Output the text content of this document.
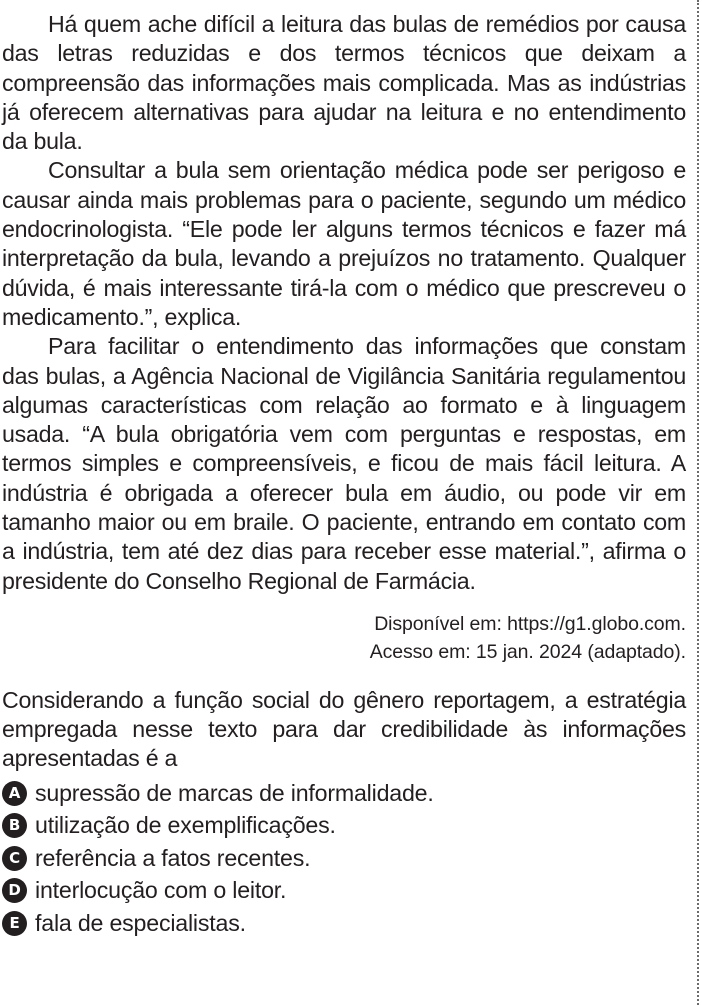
Há quem ache difícil a leitura das bulas de remédios por causa das letras reduzidas e dos termos técnicos que deixam a compreensão das informações mais complicada. Mas as indústrias já oferecem alternativas para ajudar na leitura e no entendimento da bula.

Consultar a bula sem orientação médica pode ser perigoso e causar ainda mais problemas para o paciente, segundo um médico endocrinologista. “Ele pode ler alguns termos técnicos e fazer má interpretação da bula, levando a prejuízos no tratamento. Qualquer dúvida, é mais interessante tirá-la com o médico que prescreveu o medicamento.”, explica.

Para facilitar o entendimento das informações que constam das bulas, a Agência Nacional de Vigilância Sanitária regulamentou algumas características com relação ao formato e à linguagem usada. “A bula obrigatória vem com perguntas e respostas, em termos simples e compreensíveis, e ficou de mais fácil leitura. A indústria é obrigada a oferecer bula em áudio, ou pode vir em tamanho maior ou em braile. O paciente, entrando em contato com a indústria, tem até dez dias para receber esse material.”, afirma o presidente do Conselho Regional de Farmácia.

Disponível em: https://g1.globo.com.
Acesso em: 15 jan. 2024 (adaptado).

Considerando a função social do gênero reportagem, a estratégia empregada nesse texto para dar credibilidade às informações apresentadas é a

A supressão de marcas de informalidade.
B utilização de exemplificações.
C referência a fatos recentes.
D interlocução com o leitor.
E fala de especialistas.
